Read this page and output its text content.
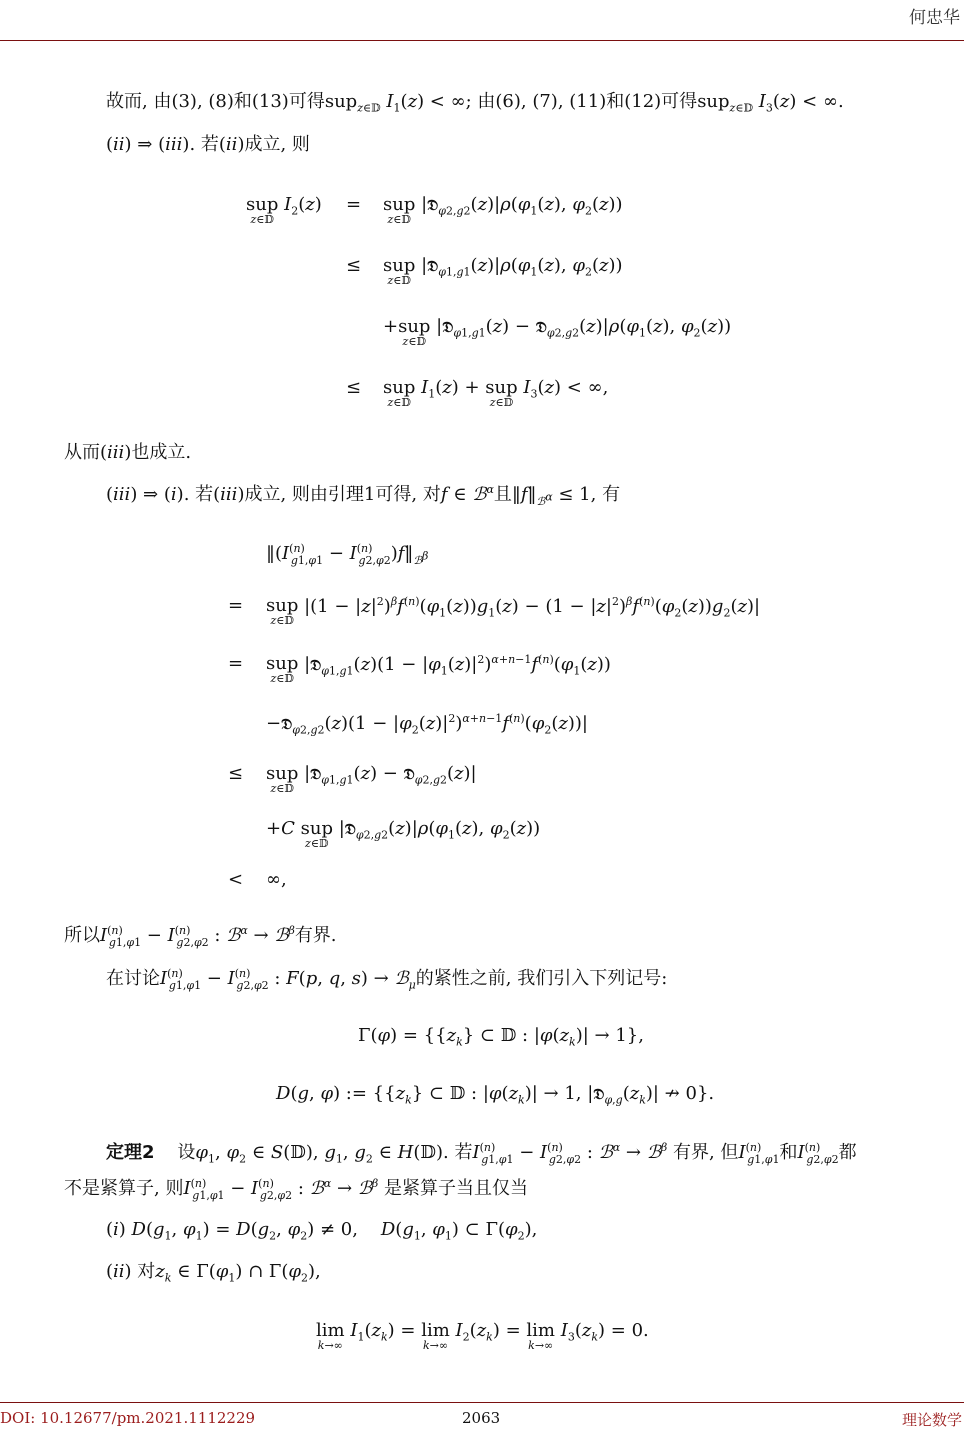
何忠华
故而, 由(3), (8)和(13)可得sup$_{z\in 𝔻}$ $I_1(z)$ < ∞; 由(6), (7), (11)和(12)可得sup$_{z\in 𝔻}$ $I_3(z)$ < ∞.
(ii) ⇒ (iii). 若(ii)成立, 则
sup
z∈𝔻
$I_2(z)$ = sup
z∈𝔻
$|𝔇_{\varphi 2,g2}(z)|\rho(\varphi_1(z)$, $\varphi_2(z)$)
≤ sup
z∈𝔻
$|𝔇_{\varphi 1,g1}(z)|\rho(\varphi_1(z)$, $\varphi_2(z)$)
+sup
z∈𝔻
|𝔇$_{\varphi 1,g1}$(z) − $𝔇_{\varphi 2,g2}(z)|\rho(\varphi_1(z)$, $\varphi_2(z)$)
≤ sup
z∈𝔻
$I_1(z)$ + sup
z∈𝔻
$I_3(z)$ < ∞,
从而(iii)也成立.
(iii) ⇒ (i). 若(iii)成立, 则由引理1可得, 对f ∈ ℬ$^\alpha$且$‖f‖_{ℬ^\alpha} \le 1$, 有
$‖(I^{(n)}_{g1,\varphi 1}$ − $I^{(n)}_{g2,\varphi 2})f‖_{ℬ^\beta}$
= sup
z∈𝔻
$|(1 - |z|^2)^\beta f^{(n)}(\varphi_1(z))g_1(z) - (1 - |z|^2)^\beta f^{(n)}(\varphi_2(z))g_2(z)|$
= sup
z∈𝔻
|𝔇$_{\varphi 1,g1}$(z)(1 − $|\varphi_1(z)|^2)^{\alpha+n-1}f^{(n)}(\varphi_1(z))$
−𝔇$_{\varphi 2,g2}$(z)(1 − $|\varphi_2(z)|^2)^{\alpha+n-1}f^{(n)}(\varphi_2(z))|$
≤ sup
z∈𝔻
|𝔇$_{\varphi 1,g1}$(z) − 𝔇$_{\varphi 2,g2}$(z)|
+C sup
z∈𝔻
$|𝔇_{\varphi 2,g2}(z)|\rho(\varphi_1(z)$, $\varphi_2(z)$)
< ∞,
所以$I^{(n)}_{g1,\varphi 1} - I^{(n)}_{g2,\varphi 2}$ : ℬ$^\alpha$ → ℬ$^\beta$有界.
在讨论$I^{(n)}_{g1,\varphi 1} - I^{(n)}_{g2,\varphi 2}$ : F(p, q, s) → ℬ$_\mu$的紧性之前, 我们引入下列记号:
$\Gamma(\varphi) = \{\{z_k\}$ ⊂ 𝔻 : $|\varphi(z_k)| \to 1$},
D(g, φ) := {$\{z_k\}$ ⊂ 𝔻 : $|\varphi(z_k)| \to 1$, $|𝔇_{\varphi,g}(z_k)|$ ↛ 0}.
定理2 设$\varphi_1$, $\varphi_2$ ∈ S(𝔻), $g_1$, $g_2$ ∈ H(𝔻). 若$I^{(n)}_{g1,\varphi 1} - I^{(n)}_{g2,\varphi 2}$ : ℬ$^\alpha$ → ℬ$^\beta$ 有界, 但$I^{(n)}_{g1,\varphi 1}$和$I^{(n)}_{g2,\varphi 2}$都
不是紧算子, 则$I^{(n)}_{g1,\varphi 1} - I^{(n)}_{g2,\varphi 2}$ : ℬ$^\alpha$ → ℬ$^\beta$ 是紧算子当且仅当
(i) $D(g_1$, $\varphi_1) = D(g_2$, $\varphi_2) \ne 0$,    $D(g_1$, $\varphi_1$) ⊂ $\Gamma(\varphi_2)$,
(ii) 对$z_k$ ∈ $\Gamma(\varphi_1)$ ∩ $\Gamma(\varphi_2)$,
lim
k→∞
$I_1(z_k) = \lim$
k→∞
$I_2(z_k) = \lim$
k→∞
$I_3(z_k) = 0$.
DOI: 10.12677/pm.2021.1112229	2063	理论数学
